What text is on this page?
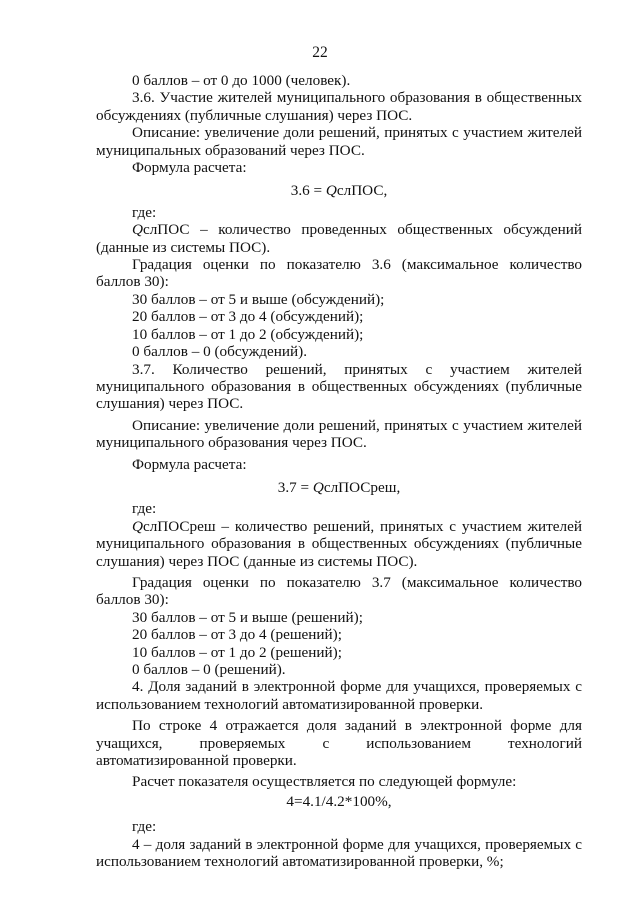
22

0 баллов – от 0 до 1000 (человек).

3.6. Участие жителей муниципального образования в общественных обсуждениях (публичные слушания) через ПОС.

Описание: увеличение доли решений, принятых с участием жителей муниципальных образований через ПОС.

Формула расчета:

3.6 = QслПОС,

где:

QслПОС – количество проведенных общественных обсуждений (данные из системы ПОС).

Градация оценки по показателю 3.6 (максимальное количество баллов 30):

30 баллов – от 5 и выше (обсуждений);

20 баллов – от 3 до 4 (обсуждений);

10 баллов – от 1 до 2 (обсуждений);

0 баллов – 0 (обсуждений).

3.7. Количество решений, принятых с участием жителей муниципального образования в общественных обсуждениях (публичные слушания) через ПОС.

Описание: увеличение доли решений, принятых с участием жителей муниципального образования через ПОС.

Формула расчета:

3.7 = QслПОСреш,

где:

QслПОСреш – количество решений, принятых с участием жителей муниципального образования в общественных обсуждениях (публичные слушания) через ПОС (данные из системы ПОС).

Градация оценки по показателю 3.7 (максимальное количество баллов 30):

30 баллов – от 5 и выше (решений);

20 баллов – от 3 до 4 (решений);

10 баллов – от 1 до 2 (решений);

0 баллов – 0 (решений).

4. Доля заданий в электронной форме для учащихся, проверяемых с использованием технологий автоматизированной проверки.

По строке 4 отражается доля заданий в электронной форме для учащихся, проверяемых с использованием технологий автоматизированной проверки.

Расчет показателя осуществляется по следующей формуле:

4=4.1/4.2*100%,

где:

4 – доля заданий в электронной форме для учащихся, проверяемых с использованием технологий автоматизированной проверки, %;
